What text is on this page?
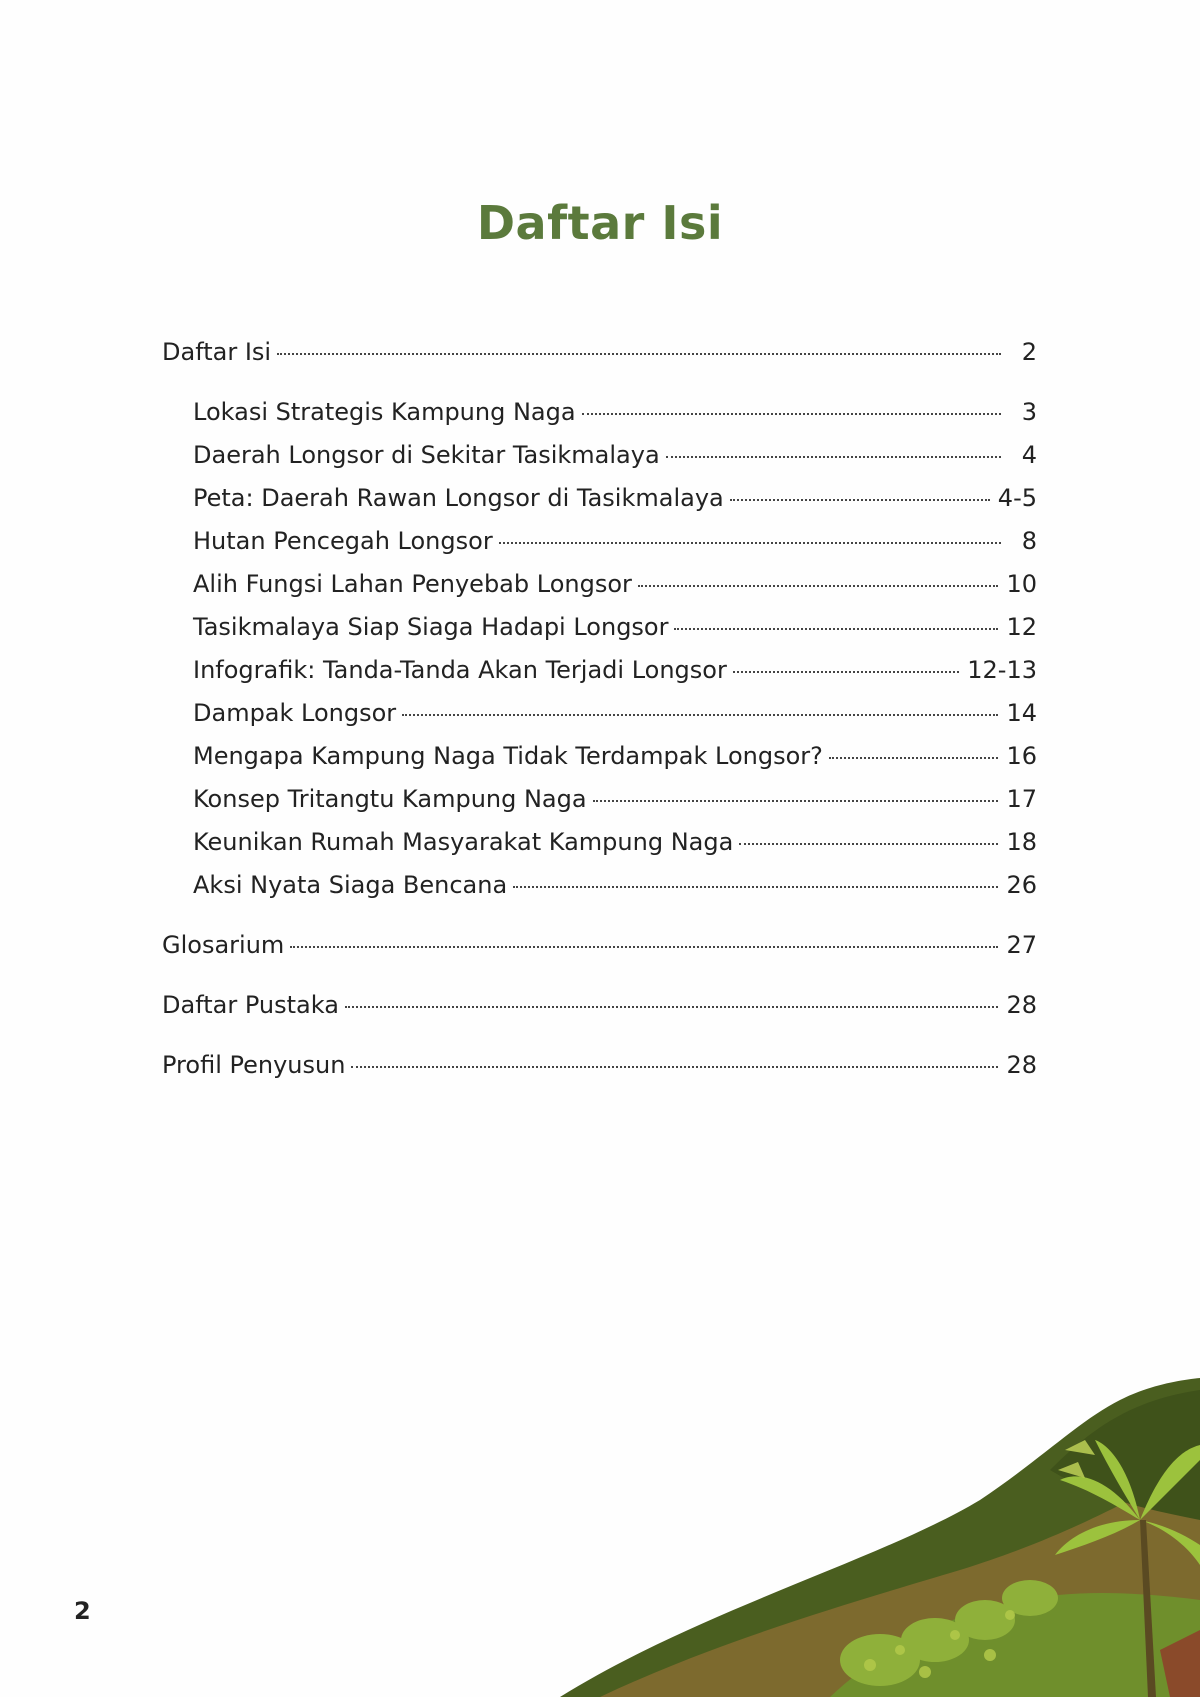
Daftar Isi
Daftar Isi	2
Lokasi Strategis Kampung Naga	3
Daerah Longsor di Sekitar Tasikmalaya	4
Peta: Daerah Rawan Longsor di Tasikmalaya	4-5
Hutan Pencegah Longsor	8
Alih Fungsi Lahan Penyebab Longsor	10
Tasikmalaya Siap Siaga Hadapi Longsor	12
Infografik: Tanda-Tanda Akan Terjadi Longsor	12-13
Dampak Longsor	14
Mengapa Kampung Naga Tidak Terdampak Longsor?	16
Konsep Tritangtu Kampung Naga	17
Keunikan Rumah Masyarakat Kampung Naga	18
Aksi Nyata Siaga Bencana	26
Glosarium	27
Daftar Pustaka	28
Profil Penyusun	28
2
